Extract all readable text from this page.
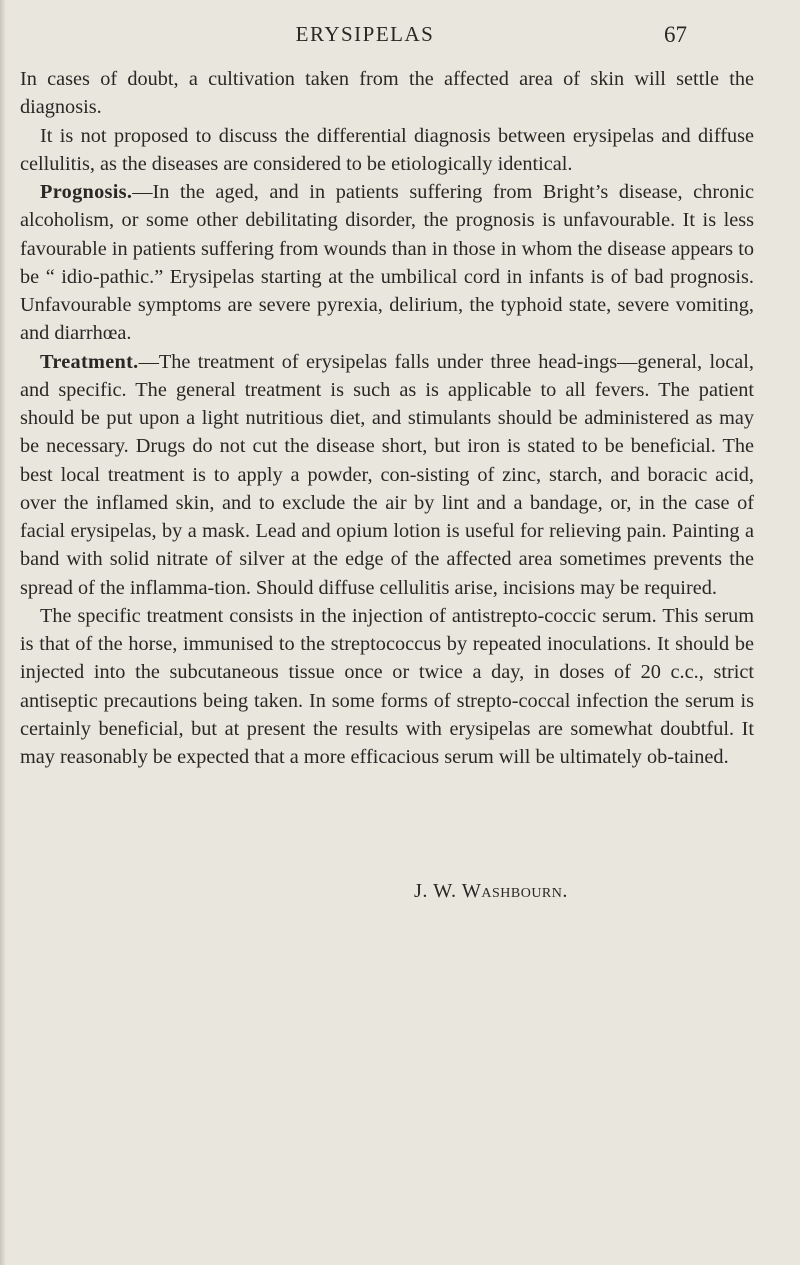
ERYSIPELAS	67

In cases of doubt, a cultivation taken from the affected area of skin will settle the diagnosis.

It is not proposed to discuss the differential diagnosis between erysipelas and diffuse cellulitis, as the diseases are considered to be etiologically identical.

Prognosis.—In the aged, and in patients suffering from Bright’s disease, chronic alcoholism, or some other debilitating disorder, the prognosis is unfavourable. It is less favourable in patients suffering from wounds than in those in whom the disease appears to be “ idio-pathic.” Erysipelas starting at the umbilical cord in infants is of bad prognosis. Unfavourable symptoms are severe pyrexia, delirium, the typhoid state, severe vomiting, and diarrhœa.

Treatment.—The treatment of erysipelas falls under three head-ings—general, local, and specific. The general treatment is such as is applicable to all fevers. The patient should be put upon a light nutritious diet, and stimulants should be administered as may be necessary. Drugs do not cut the disease short, but iron is stated to be beneficial. The best local treatment is to apply a powder, con-sisting of zinc, starch, and boracic acid, over the inflamed skin, and to exclude the air by lint and a bandage, or, in the case of facial erysipelas, by a mask. Lead and opium lotion is useful for relieving pain. Painting a band with solid nitrate of silver at the edge of the affected area sometimes prevents the spread of the inflamma-tion. Should diffuse cellulitis arise, incisions may be required.

The specific treatment consists in the injection of antistrepto-coccic serum. This serum is that of the horse, immunised to the streptococcus by repeated inoculations. It should be injected into the subcutaneous tissue once or twice a day, in doses of 20 c.c., strict antiseptic precautions being taken. In some forms of strepto-coccal infection the serum is certainly beneficial, but at present the results with erysipelas are somewhat doubtful. It may reasonably be expected that a more efficacious serum will be ultimately ob-tained.

J. W. Washbourn.
